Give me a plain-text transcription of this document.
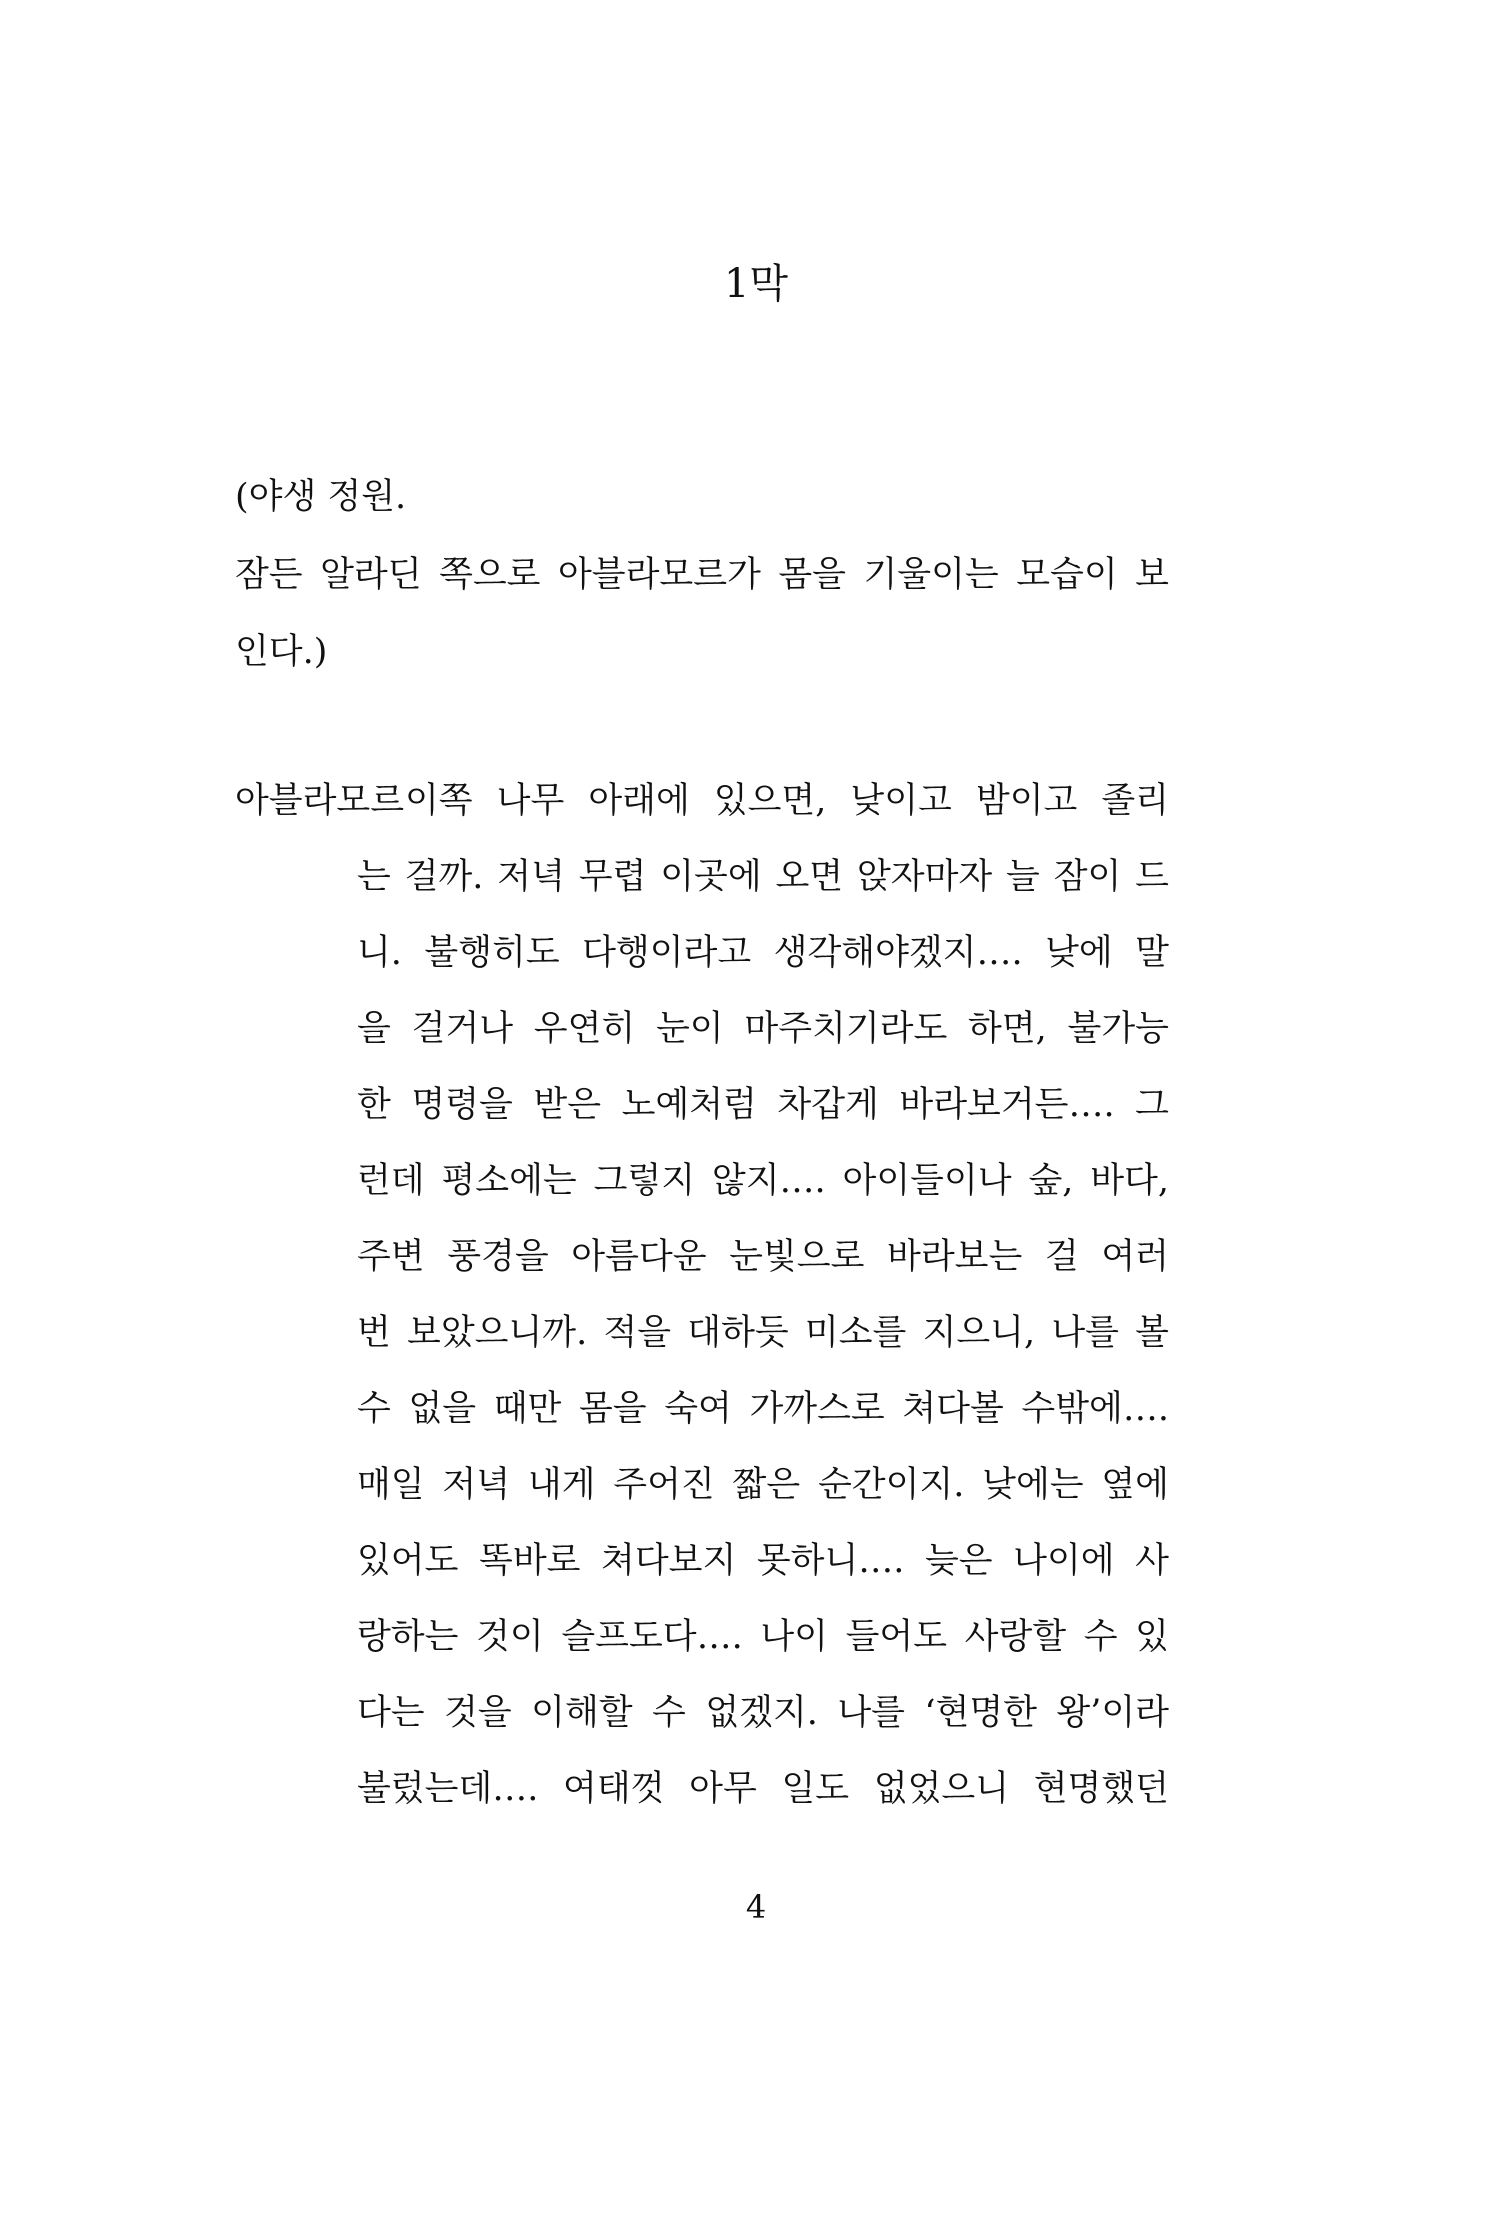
1막
(야생 정원.
잠든 알라딘 쪽으로 아블라모르가 몸을 기울이는 모습이 보
인다.)
아블라모르 이쪽 나무 아래에 있으면, 낮이고 밤이고 졸리
는 걸까. 저녁 무렵 이곳에 오면 앉자마자 늘 잠이 드
니. 불행히도 다행이라고 생각해야겠지…. 낮에 말
을 걸거나 우연히 눈이 마주치기라도 하면, 불가능
한 명령을 받은 노예처럼 차갑게 바라보거든…. 그
런데 평소에는 그렇지 않지…. 아이들이나 숲, 바다,
주변 풍경을 아름다운 눈빛으로 바라보는 걸 여러
번 보았으니까. 적을 대하듯 미소를 지으니, 나를 볼
수 없을 때만 몸을 숙여 가까스로 쳐다볼 수밖에….
매일 저녁 내게 주어진 짧은 순간이지. 낮에는 옆에
있어도 똑바로 쳐다보지 못하니…. 늦은 나이에 사
랑하는 것이 슬프도다…. 나이 들어도 사랑할 수 있
다는 것을 이해할 수 없겠지. 나를 ‘현명한 왕’이라
불렀는데…. 여태껏 아무 일도 없었으니 현명했던
4
